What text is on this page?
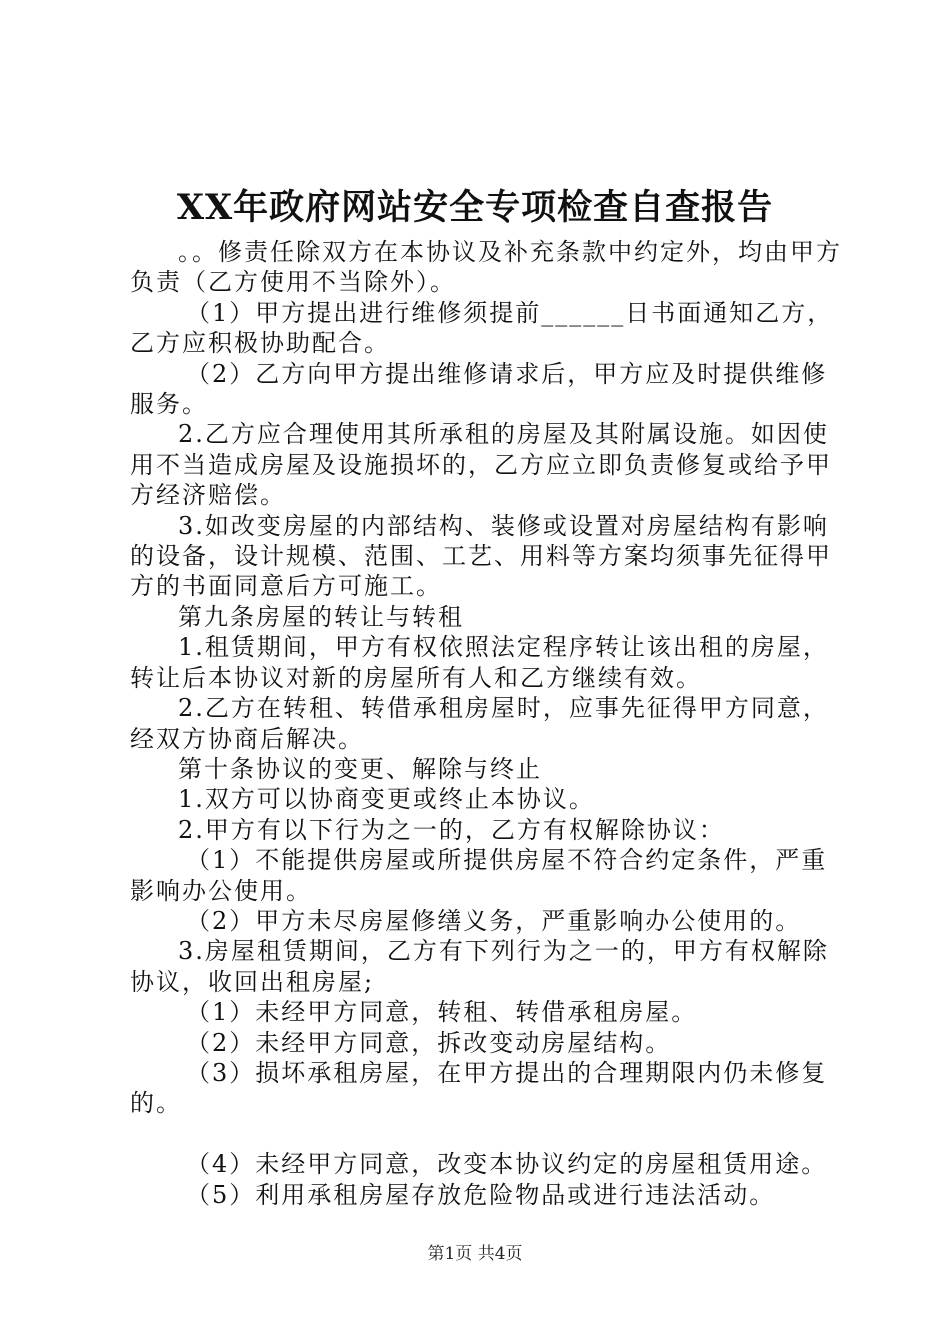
XX年政府网站安全专项检查自查报告

。。修责任除双方在本协议及补充条款中约定外，均由甲方负责（乙方使用不当除外）。

（1）甲方提出进行维修须提前______日书面通知乙方，乙方应积极协助配合。

（2）乙方向甲方提出维修请求后，甲方应及时提供维修服务。

2.乙方应合理使用其所承租的房屋及其附属设施。如因使用不当造成房屋及设施损坏的，乙方应立即负责修复或给予甲方经济赔偿。

3.如改变房屋的内部结构、装修或设置对房屋结构有影响的设备，设计规模、范围、工艺、用料等方案均须事先征得甲方的书面同意后方可施工。

第九条房屋的转让与转租

1.租赁期间，甲方有权依照法定程序转让该出租的房屋，转让后本协议对新的房屋所有人和乙方继续有效。

2.乙方在转租、转借承租房屋时，应事先征得甲方同意，经双方协商后解决。

第十条协议的变更、解除与终止

1.双方可以协商变更或终止本协议。

2.甲方有以下行为之一的，乙方有权解除协议：

（1）不能提供房屋或所提供房屋不符合约定条件，严重影响办公使用。

（2）甲方未尽房屋修缮义务，严重影响办公使用的。

3.房屋租赁期间，乙方有下列行为之一的，甲方有权解除协议，收回出租房屋;

（1）未经甲方同意，转租、转借承租房屋。

（2）未经甲方同意，拆改变动房屋结构。

（3）损坏承租房屋，在甲方提出的合理期限内仍未修复的。

（4）未经甲方同意，改变本协议约定的房屋租赁用途。

（5）利用承租房屋存放危险物品或进行违法活动。

第1页 共4页
